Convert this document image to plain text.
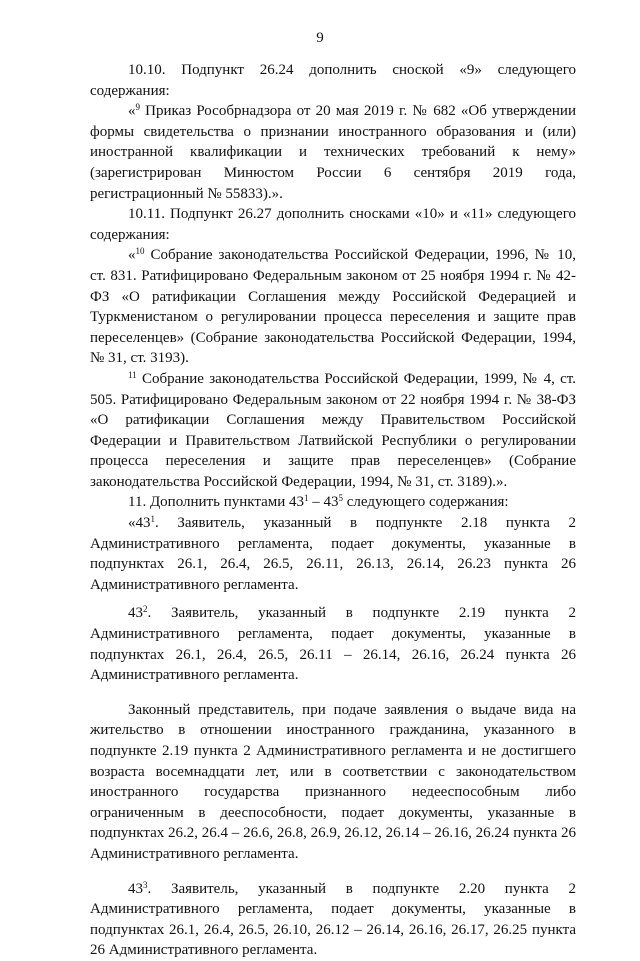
9

10.10. Подпункт 26.24 дополнить сноской «9» следующего содержания:

«$^9$ Приказ Рособрнадзора от 20 мая 2019 г. № 682 «Об утверждении формы свидетельства о признании иностранного образования и (или) иностранной квалификации и технических требований к нему» (зарегистрирован Минюстом России 6 сентября 2019 года, регистрационный № 55833).».

10.11. Подпункт 26.27 дополнить сносками «10» и «11» следующего содержания:

«$^{10}$ Собрание законодательства Российской Федерации, 1996, № 10, ст. 831. Ратифицировано Федеральным законом от 25 ноября 1994 г. № 42-ФЗ «О ратификации Соглашения между Российской Федерацией и Туркменистаном о регулировании процесса переселения и защите прав переселенцев» (Собрание законодательства Российской Федерации, 1994, № 31, ст. 3193).

$^{11}$ Собрание законодательства Российской Федерации, 1999, № 4, ст. 505. Ратифицировано Федеральным законом от 22 ноября 1994 г. № 38-ФЗ «О ратификации Соглашения между Правительством Российской Федерации и Правительством Латвийской Республики о регулировании процесса переселения и защите прав переселенцев» (Собрание законодательства Российской Федерации, 1994, № 31, ст. 3189).».

11. Дополнить пунктами $43^1 - 43^5$ следующего содержания:

«$43^1$. Заявитель, указанный в подпункте 2.18 пункта 2 Административного регламента, подает документы, указанные в подпунктах 26.1, 26.4, 26.5, 26.11, 26.13, 26.14, 26.23 пункта 26 Административного регламента.

$43^2$. Заявитель, указанный в подпункте 2.19 пункта 2 Административного регламента, подает документы, указанные в подпунктах 26.1, 26.4, 26.5, 26.11 – 26.14, 26.16, 26.24 пункта 26 Административного регламента.

Законный представитель, при подаче заявления о выдаче вида на жительство в отношении иностранного гражданина, указанного в подпункте 2.19 пункта 2 Административного регламента и не достигшего возраста восемнадцати лет, или в соответствии с законодательством иностранного государства признанного недееспособным либо ограниченным в дееспособности, подает документы, указанные в подпунктах 26.2, 26.4 – 26.6, 26.8, 26.9, 26.12, 26.14 – 26.16, 26.24 пункта 26 Административного регламента.

$43^3$. Заявитель, указанный в подпункте 2.20 пункта 2 Административного регламента, подает документы, указанные в подпунктах 26.1, 26.4, 26.5, 26.10, 26.12 – 26.14, 26.16, 26.17, 26.25 пункта 26 Административного регламента.
